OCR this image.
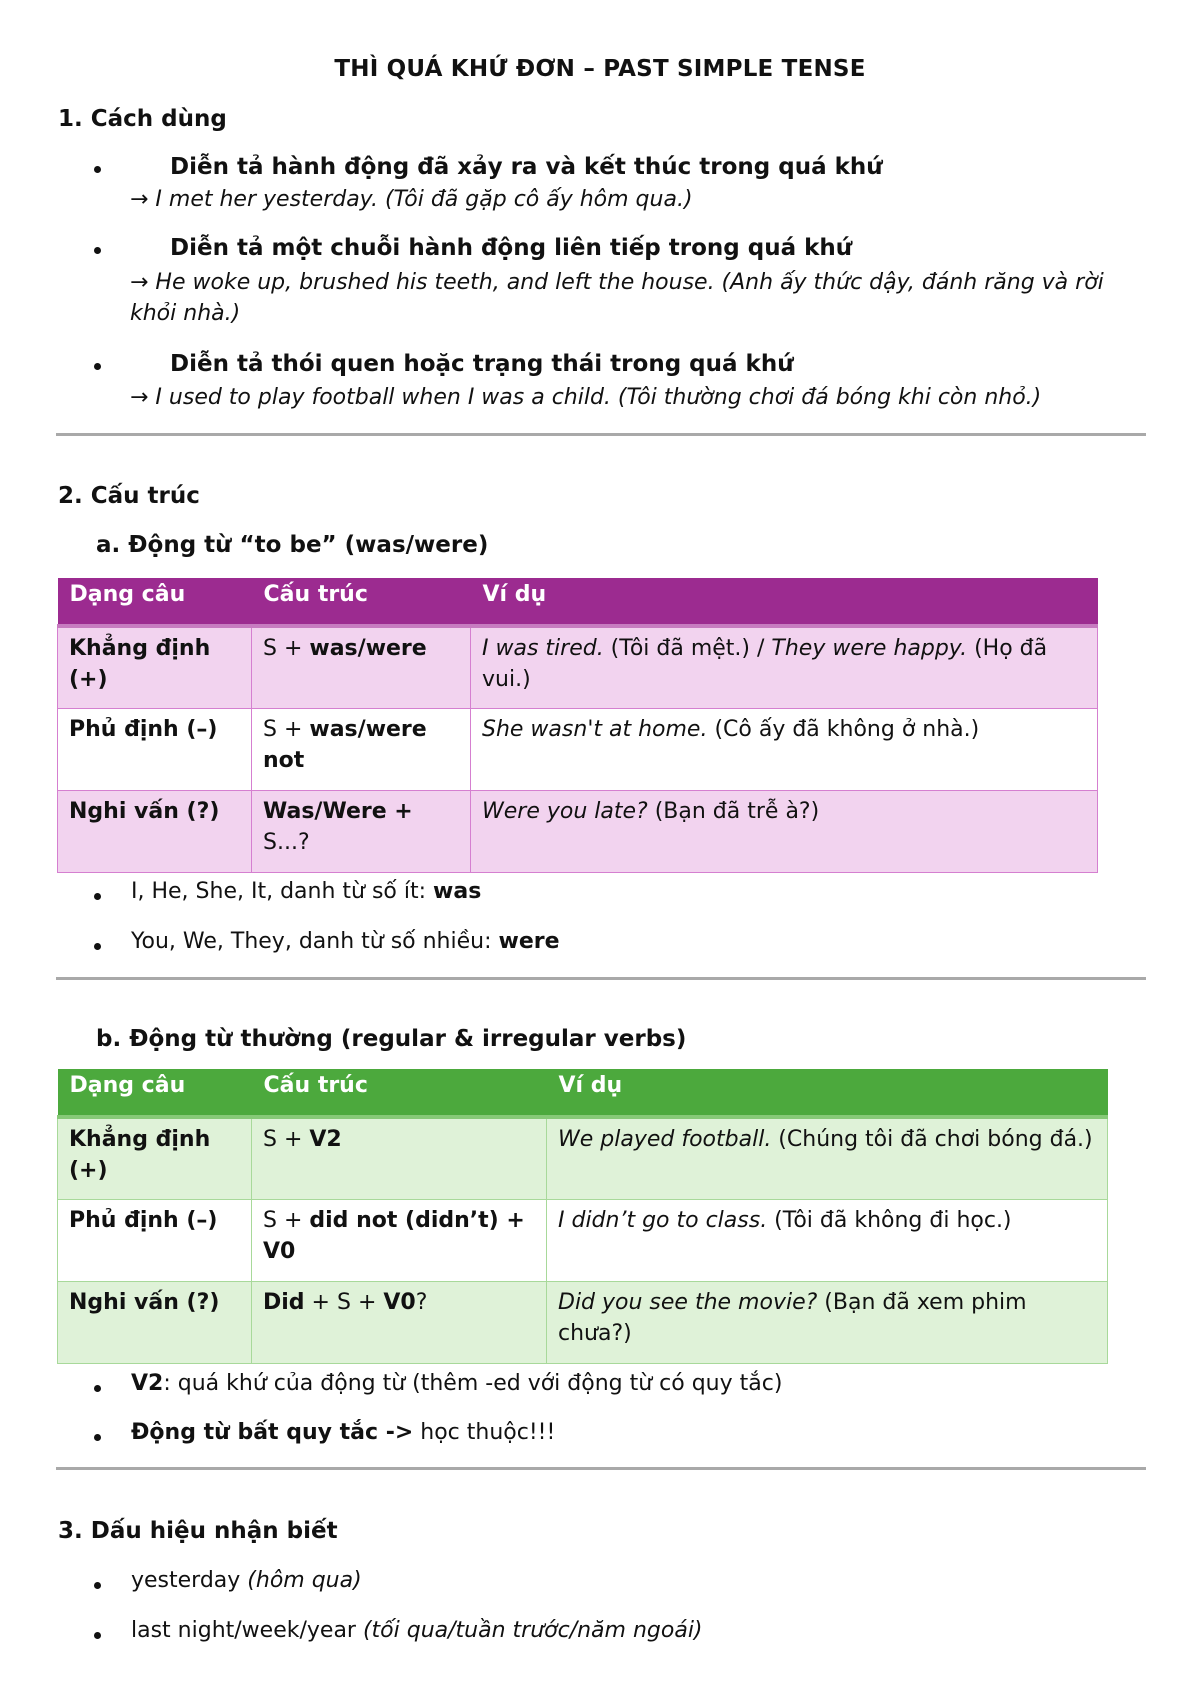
THÌ QUÁ KHỨ ĐƠN – PAST SIMPLE TENSE
1. Cách dùng
Diễn tả hành động đã xảy ra và kết thúc trong quá khứ
→ I met her yesterday. (Tôi đã gặp cô ấy hôm qua.)
Diễn tả một chuỗi hành động liên tiếp trong quá khứ
→ He woke up, brushed his teeth, and left the house. (Anh ấy thức dậy, đánh răng và rời khỏi nhà.)
Diễn tả thói quen hoặc trạng thái trong quá khứ
→ I used to play football when I was a child. (Tôi thường chơi đá bóng khi còn nhỏ.)
2. Cấu trúc
a. Động từ “to be” (was/were)
Dạng câu	Cấu trúc	Ví dụ
Khẳng định (+)	S + was/were	I was tired. (Tôi đã mệt.) / They were happy. (Họ đã vui.)
Phủ định (–)	S + was/were not	She wasn't at home. (Cô ấy đã không ở nhà.)
Nghi vấn (?)	Was/Were + S...?	Were you late? (Bạn đã trễ à?)
I, He, She, It, danh từ số ít: was
You, We, They, danh từ số nhiều: were
b. Động từ thường (regular & irregular verbs)
Dạng câu	Cấu trúc	Ví dụ
Khẳng định (+)	S + V2	We played football. (Chúng tôi đã chơi bóng đá.)
Phủ định (–)	S + did not (didn’t) + V0	I didn’t go to class. (Tôi đã không đi học.)
Nghi vấn (?)	Did + S + V0?	Did you see the movie? (Bạn đã xem phim chưa?)
V2: quá khứ của động từ (thêm -ed với động từ có quy tắc)
Động từ bất quy tắc -> học thuộc!!!
3. Dấu hiệu nhận biết
yesterday (hôm qua)
last night/week/year (tối qua/tuần trước/năm ngoái)
